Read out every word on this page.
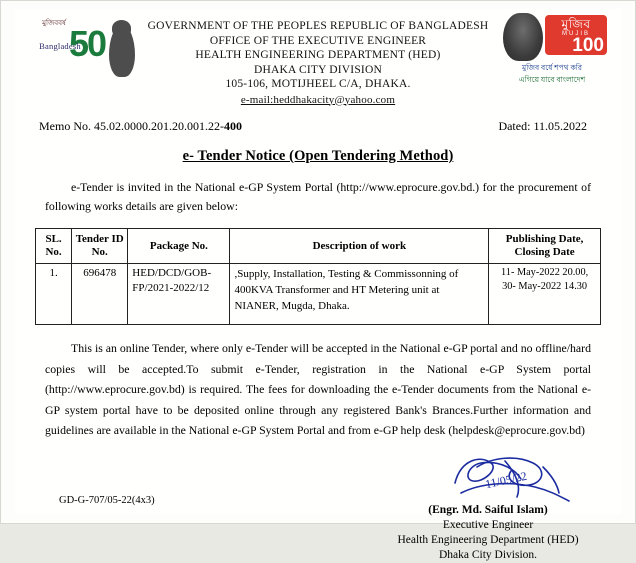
মুজিববর্ষ 50
Bangladesh
GOVERNMENT OF THE PEOPLES REPUBLIC OF BANGLADESH
OFFICE OF THE EXECUTIVE ENGINEER
HEALTH ENGINEERING DEPARTMENT (HED)
DHAKA CITY DIVISION
105-106, MOTIJHEEL C/A, DHAKA.
e-mail:heddhakacity@yahoo.com
মুজিব
MUJIB
100
মুজিব বর্ষে শপথ করি
এগিয়ে যাবে বাংলাদেশ
Memo No. 45.02.0000.201.20.001.22-400	Dated: 11.05.2022
e- Tender Notice (Open Tendering Method)
e-Tender is invited in the National e-GP System Portal (http://www.eprocure.gov.bd.) for the procurement of following works details are given below:
SL. No.	Tender ID No.	Package No.	Description of work	Publishing Date, Closing Date
1.	696478	HED/DCD/GOB-FP/2021-2022/12	,Supply, Installation, Testing & Commissonning of 400KVA Transformer and HT Metering unit at NIANER, Mugda, Dhaka.	11- May-2022 20.00,
30- May-2022 14.30
This is an online Tender, where only e-Tender will be accepted in the National e-GP portal and no offline/hard copies will be accepted.To submit e-Tender, registration in the National e-GP System portal (http://www.eprocure.gov.bd) is required. The fees for downloading the e-Tender documents from the National e-GP system portal have to be deposited online through any registered Bank's Brances.Further information and guidelines are available in the National e-GP System Portal and from e-GP help desk (helpdesk@eprocure.gov.bd)
11/05/22
(Engr. Md. Saiful Islam)
Executive Engineer
Health Engineering Department (HED)
Dhaka City Division.
GD-G-707/05-22(4x3)
